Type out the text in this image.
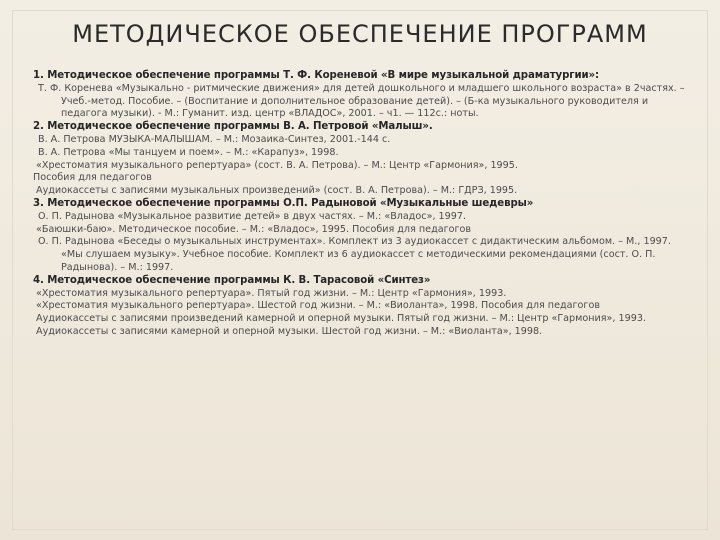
МЕТОДИЧЕСКОЕ ОБЕСПЕЧЕНИЕ ПРОГРАММ

1. Методическое обеспечение программы Т. Ф. Кореневой «В мире музыкальной драматургии»:

Т. Ф. Коренева «Музыкально - ритмические движения» для детей дошкольного и младшего школьного возраста» в 2частях. – Учеб.-метод. Пособие. – (Воспитание и дополнительное образование детей). – (Б-ка музыкального руководителя и педагога музыки). - М.: Гуманит. изд. центр «ВЛАДОС», 2001. – ч1. — 112с.: ноты.

2. Методическое обеспечение программы В. А. Петровой «Малыш».

В. А. Петрова МУЗЫКА-МАЛЫШАМ. – М.: Мозаика-Синтез, 2001.-144 с.

В. А. Петрова «Мы танцуем и поем». – М.: «Карапуз», 1998.

«Хрестоматия музыкального репертуара» (сост. В. А. Петрова). – М.: Центр «Гармония», 1995.

Пособия для педагогов

Аудиокассеты с записями музыкальных произведений» (сост. В. А. Петрова). – М.: ГДРЗ, 1995.

3. Методическое обеспечение программы О.П. Радыновой «Музыкальные шедевры»

О. П. Радынова «Музыкальное развитие детей» в двух частях. – М.: «Владос», 1997.

«Баюшки-баю». Методическое пособие. – М.: «Владос», 1995. Пособия для педагогов

О. П. Радынова «Беседы о музыкальных инструментах». Комплект из 3 аудиокассет с дидактическим альбомом. – М., 1997. «Мы слушаем музыку». Учебное пособие. Комплект из 6 аудиокассет с методическими рекомендациями (сост. О. П. Радынова). – М.: 1997.

4. Методическое обеспечение программы К. В. Тарасовой «Синтез»

«Хрестоматия музыкального репертуара». Пятый год жизни. – М.: Центр «Гармония», 1993.

«Хрестоматия музыкального репертуара». Шестой год жизни. – М.: «Виоланта», 1998. Пособия для педагогов

Аудиокассеты с записями произведений камерной и оперной музыки. Пятый год жизни. – М.: Центр «Гармония», 1993.

Аудиокассеты с записями камерной и оперной музыки. Шестой год жизни. – М.: «Виоланта», 1998.
